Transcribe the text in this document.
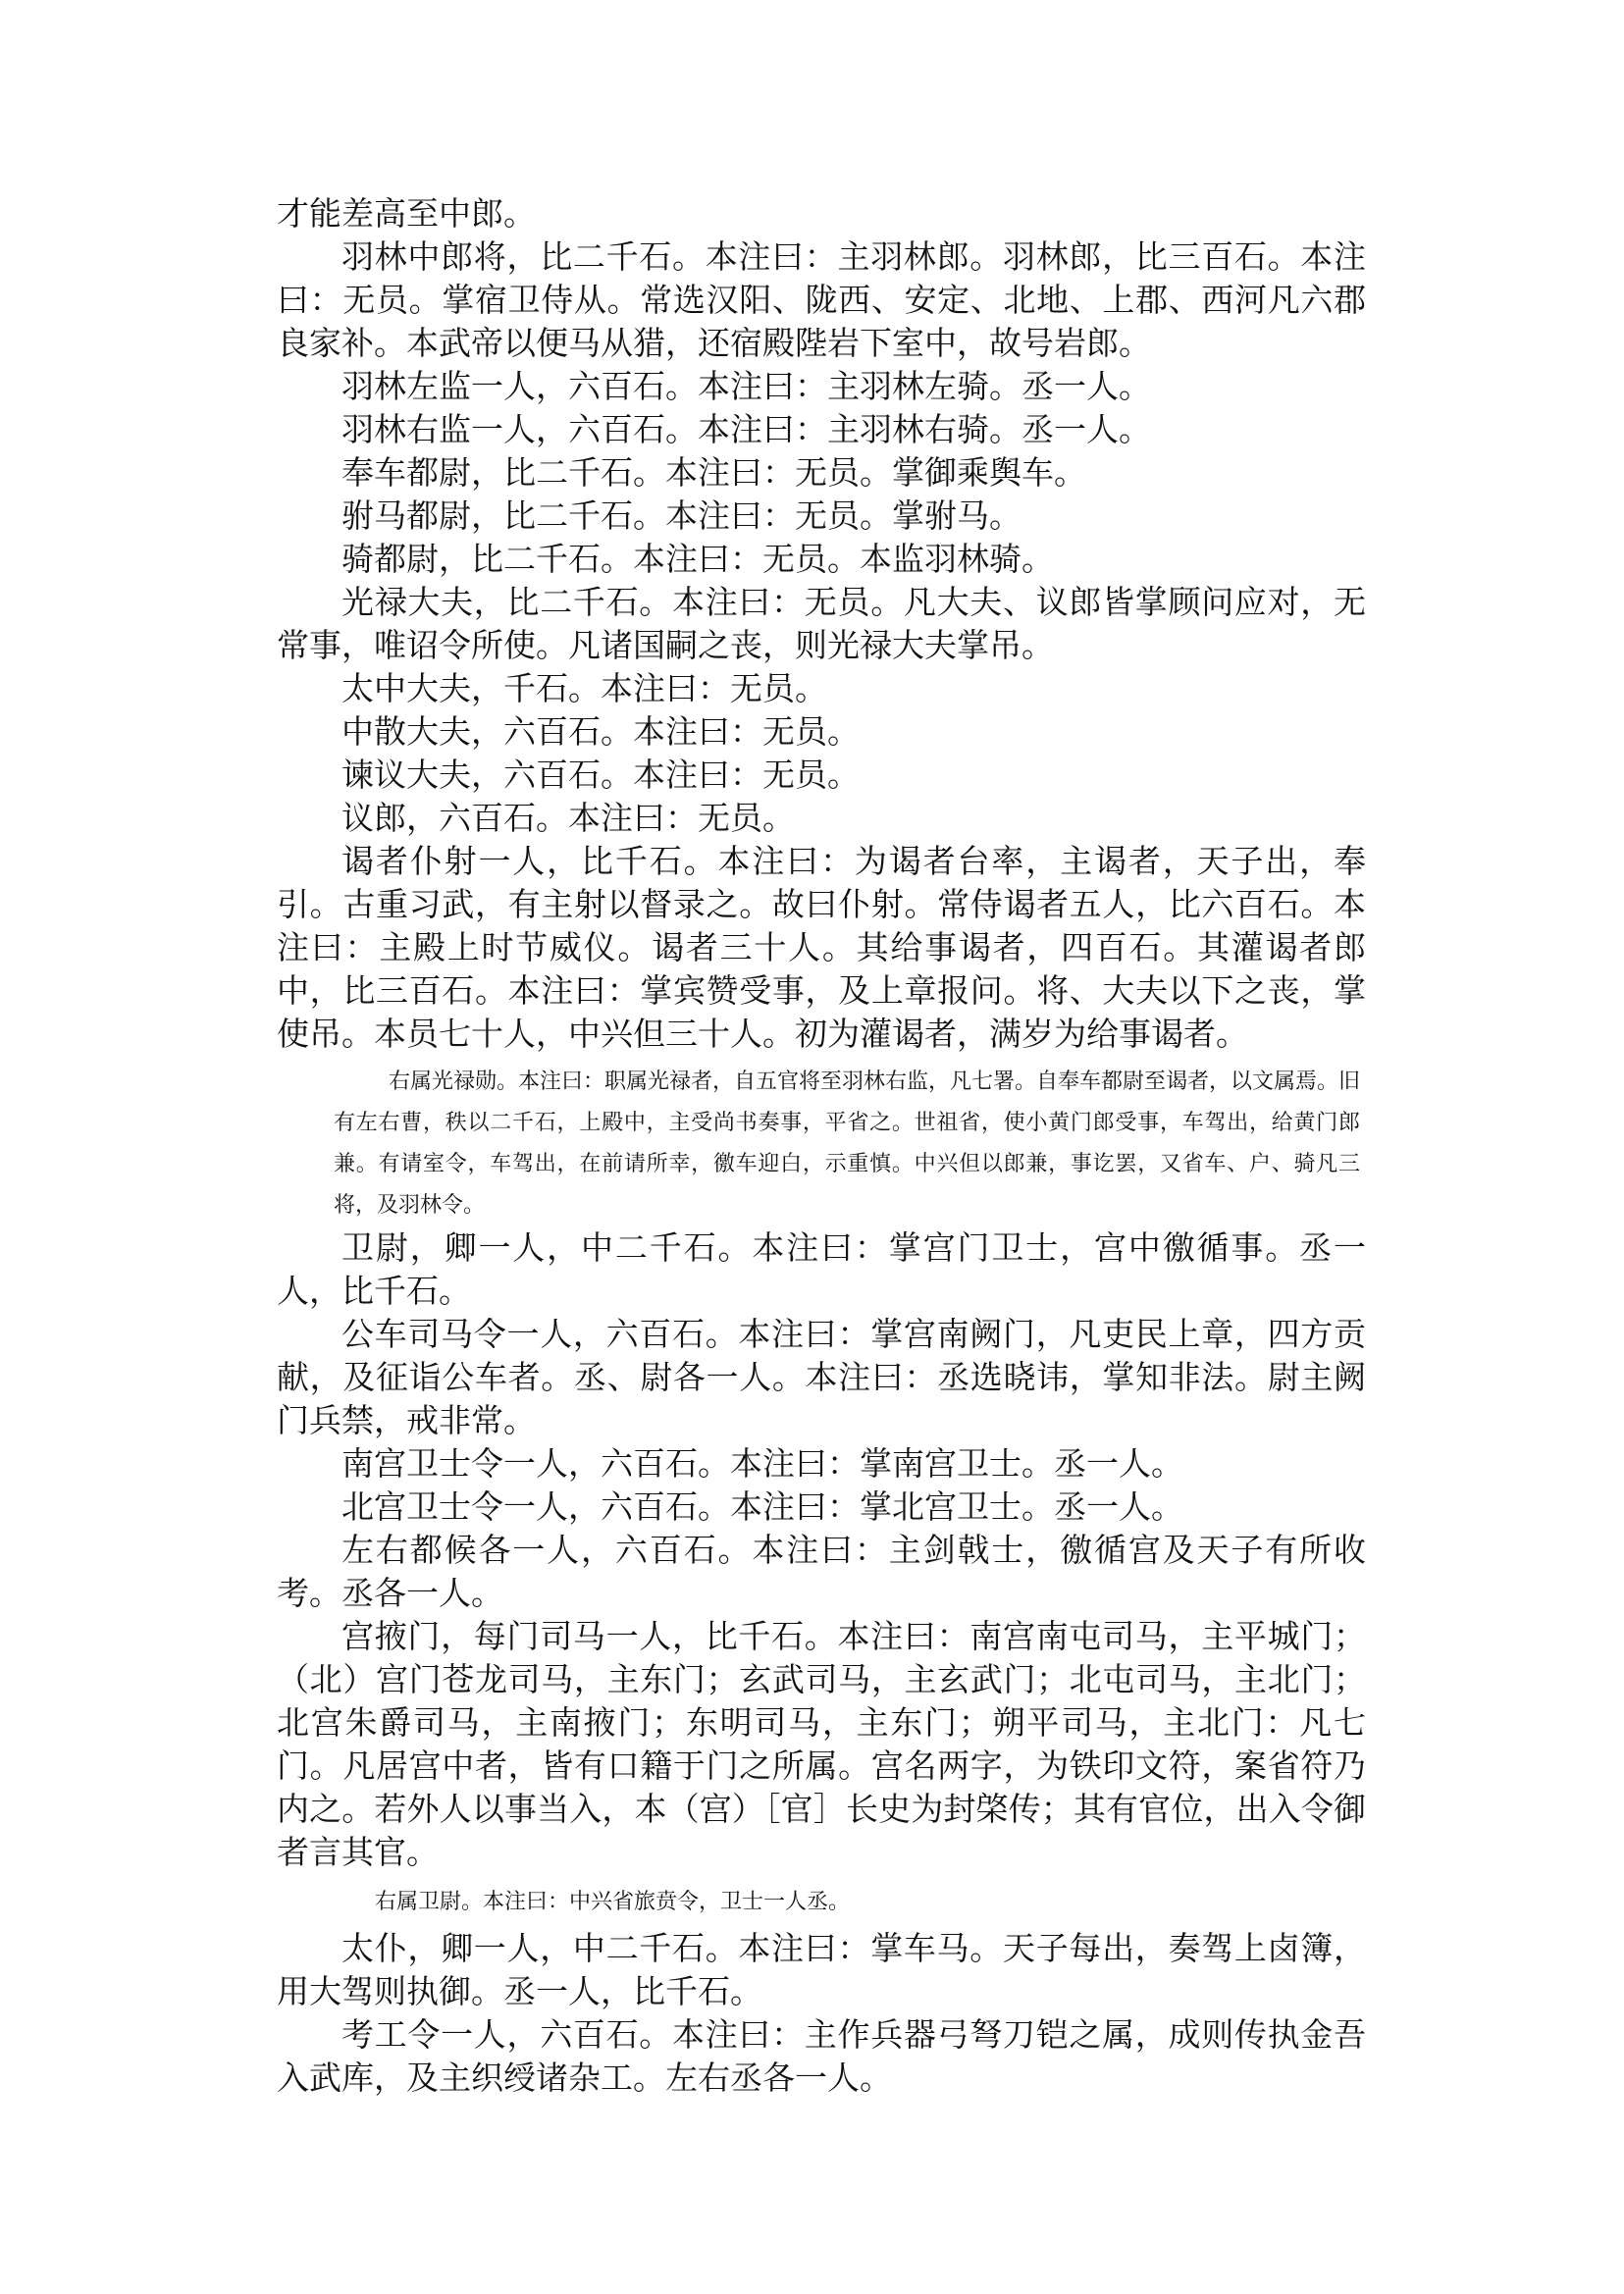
才能差高至中郎。

羽林中郎将，比二千石。本注曰：主羽林郎。羽林郎，比三百石。本注曰：无员。掌宿卫侍从。常选汉阳、陇西、安定、北地、上郡、西河凡六郡良家补。本武帝以便马从猎，还宿殿陛岩下室中，故号岩郎。

羽林左监一人，六百石。本注曰：主羽林左骑。丞一人。

羽林右监一人，六百石。本注曰：主羽林右骑。丞一人。

奉车都尉，比二千石。本注曰：无员。掌御乘舆车。

驸马都尉，比二千石。本注曰：无员。掌驸马。

骑都尉，比二千石。本注曰：无员。本监羽林骑。

光禄大夫，比二千石。本注曰：无员。凡大夫、议郎皆掌顾问应对，无常事，唯诏令所使。凡诸国嗣之丧，则光禄大夫掌吊。

太中大夫，千石。本注曰：无员。

中散大夫，六百石。本注曰：无员。

谏议大夫，六百石。本注曰：无员。

议郎，六百石。本注曰：无员。

谒者仆射一人，比千石。本注曰：为谒者台率，主谒者，天子出，奉引。古重习武，有主射以督录之。故曰仆射。常侍谒者五人，比六百石。本注曰：主殿上时节威仪。谒者三十人。其给事谒者，四百石。其灌谒者郎中，比三百石。本注曰：掌宾赞受事，及上章报问。将、大夫以下之丧，掌使吊。本员七十人，中兴但三十人。初为灌谒者，满岁为给事谒者。

右属光禄勋。本注曰：职属光禄者，自五官将至羽林右监，凡七署。自奉车都尉至谒者，以文属焉。旧有左右曹，秩以二千石，上殿中，主受尚书奏事，平省之。世祖省，使小黄门郎受事，车驾出，给黄门郎兼。有请室令，车驾出，在前请所幸，徼车迎白，示重慎。中兴但以郎兼，事讫罢，又省车、户、骑凡三将，及羽林令。

卫尉，卿一人，中二千石。本注曰：掌宫门卫士，宫中徼循事。丞一人，比千石。

公车司马令一人，六百石。本注曰：掌宫南阙门，凡吏民上章，四方贡献，及征诣公车者。丞、尉各一人。本注曰：丞选晓讳，掌知非法。尉主阙门兵禁，戒非常。

南宫卫士令一人，六百石。本注曰：掌南宫卫士。丞一人。

北宫卫士令一人，六百石。本注曰：掌北宫卫士。丞一人。

左右都候各一人，六百石。本注曰：主剑戟士，徼循宫及天子有所收考。丞各一人。

宫掖门，每门司马一人，比千石。本注曰：南宫南屯司马，主平城门；（北）宫门苍龙司马，主东门；玄武司马，主玄武门；北屯司马，主北门；北宫朱爵司马，主南掖门；东明司马，主东门；朔平司马，主北门：凡七门。凡居宫中者，皆有口籍于门之所属。宫名两字，为铁印文符，案省符乃内之。若外人以事当入，本（宫）［官］长史为封棨传；其有官位，出入令御者言其官。

右属卫尉。本注曰：中兴省旅贲令，卫士一人丞。

太仆，卿一人，中二千石。本注曰：掌车马。天子每出，奏驾上卤簿，用大驾则执御。丞一人，比千石。

考工令一人，六百石。本注曰：主作兵器弓弩刀铠之属，成则传执金吾入武库，及主织绶诸杂工。左右丞各一人。
